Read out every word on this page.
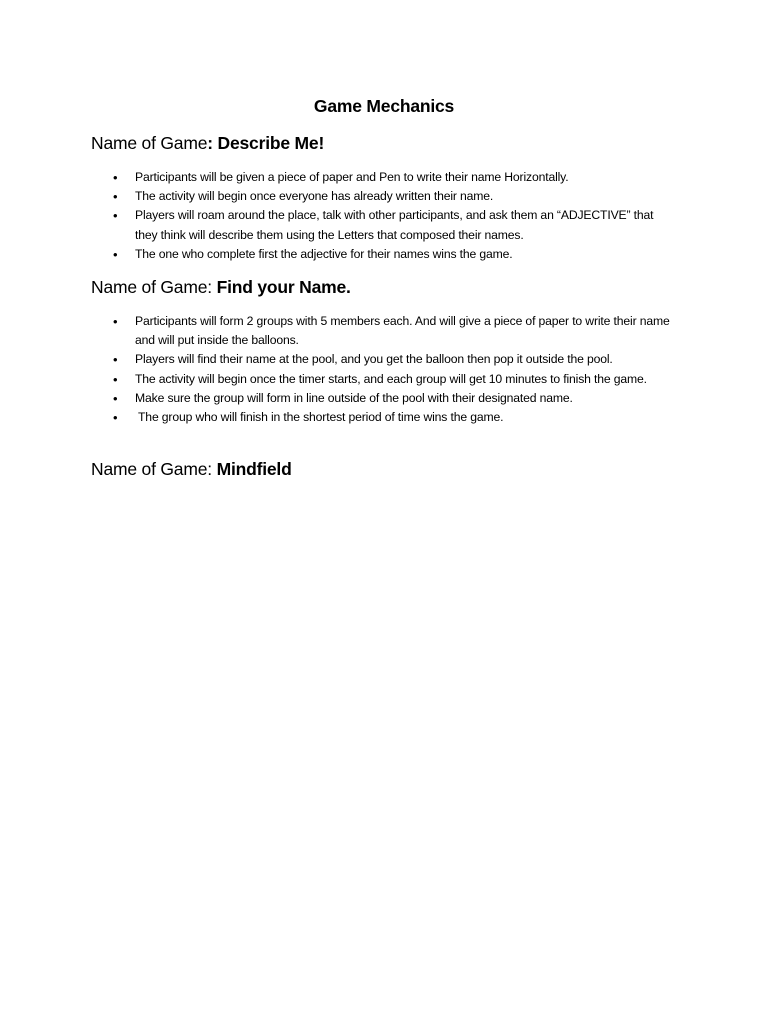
Game Mechanics
Name of Game: Describe Me!
• Participants will be given a piece of paper and Pen to write their name Horizontally.
• The activity will begin once everyone has already written their name.
• Players will roam around the place, talk with other participants, and ask them an “ADJECTIVE” that they think will describe them using the Letters that composed their names.
• The one who complete first the adjective for their names wins the game.
Name of Game: Find your Name.
• Participants will form 2 groups with 5 members each. And will give a piece of paper to write their name and will put inside the balloons.
• Players will find their name at the pool, and you get the balloon then pop it outside the pool.
• The activity will begin once the timer starts, and each group will get 10 minutes to finish the game.
• Make sure the group will form in line outside of the pool with their designated name.
•  The group who will finish in the shortest period of time wins the game.
Name of Game: Mindfield
